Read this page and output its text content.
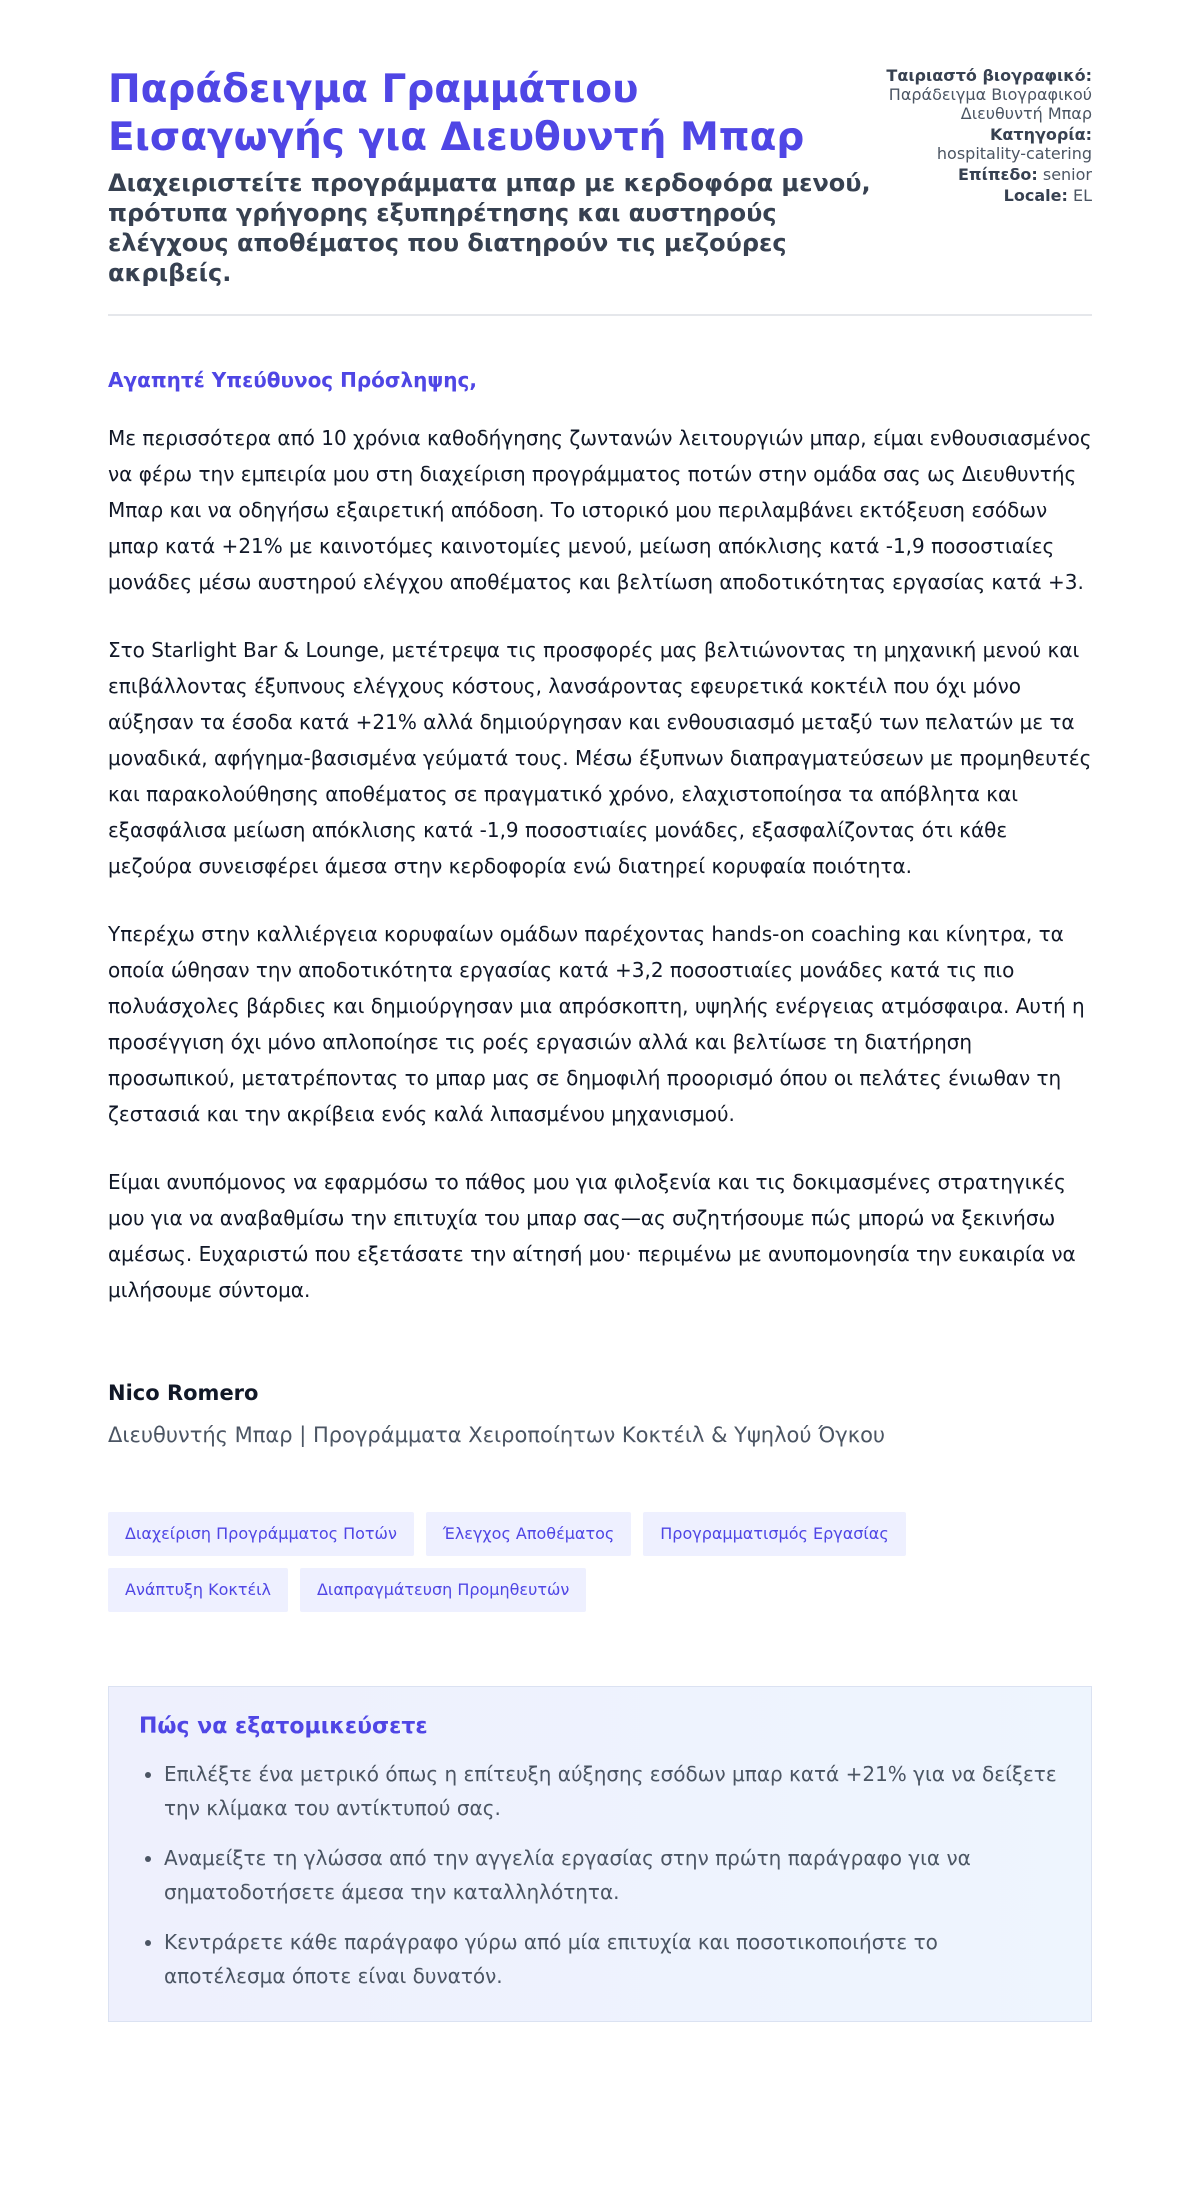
Παράδειγμα Γραμμάτιου Εισαγωγής για Διευθυντή Μπαρ
Διαχειριστείτε προγράμματα μπαρ με κερδοφόρα μενού, πρότυπα γρήγορης εξυπηρέτησης και αυστηρούς ελέγχους αποθέματος που διατηρούν τις μεζούρες ακριβείς.
Ταιριαστό βιογραφικό: Παράδειγμα Βιογραφικού Διευθυντή Μπαρ
Κατηγορία:
hospitality-catering
Επίπεδο: senior
Locale: EL
Αγαπητέ Υπεύθυνος Πρόσληψης,

Με περισσότερα από 10 χρόνια καθοδήγησης ζωντανών λειτουργιών μπαρ, είμαι ενθουσιασμένος να φέρω την εμπειρία μου στη διαχείριση προγράμματος ποτών στην ομάδα σας ως Διευθυντής Μπαρ και να οδηγήσω εξαιρετική απόδοση. Το ιστορικό μου περιλαμβάνει εκτόξευση εσόδων μπαρ κατά +21% με καινοτόμες καινοτομίες μενού, μείωση απόκλισης κατά -1,9 ποσοστιαίες μονάδες μέσω αυστηρού ελέγχου αποθέματος και βελτίωση αποδοτικότητας εργασίας κατά +3.

Στο Starlight Bar & Lounge, μετέτρεψα τις προσφορές μας βελτιώνοντας τη μηχανική μενού και επιβάλλοντας έξυπνους ελέγχους κόστους, λανσάροντας εφευρετικά κοκτέιλ που όχι μόνο αύξησαν τα έσοδα κατά +21% αλλά δημιούργησαν και ενθουσιασμό μεταξύ των πελατών με τα μοναδικά, αφήγημα-βασισμένα γεύματά τους. Μέσω έξυπνων διαπραγματεύσεων με προμηθευτές και παρακολούθησης αποθέματος σε πραγματικό χρόνο, ελαχιστοποίησα τα απόβλητα και εξασφάλισα μείωση απόκλισης κατά -1,9 ποσοστιαίες μονάδες, εξασφαλίζοντας ότι κάθε μεζούρα συνεισφέρει άμεσα στην κερδοφορία ενώ διατηρεί κορυφαία ποιότητα.

Υπερέχω στην καλλιέργεια κορυφαίων ομάδων παρέχοντας hands-on coaching και κίνητρα, τα οποία ώθησαν την αποδοτικότητα εργασίας κατά +3,2 ποσοστιαίες μονάδες κατά τις πιο πολυάσχολες βάρδιες και δημιούργησαν μια απρόσκοπτη, υψηλής ενέργειας ατμόσφαιρα. Αυτή η προσέγγιση όχι μόνο απλοποίησε τις ροές εργασιών αλλά και βελτίωσε τη διατήρηση προσωπικού, μετατρέποντας το μπαρ μας σε δημοφιλή προορισμό όπου οι πελάτες ένιωθαν τη ζεστασιά και την ακρίβεια ενός καλά λιπασμένου μηχανισμού.

Είμαι ανυπόμονος να εφαρμόσω το πάθος μου για φιλοξενία και τις δοκιμασμένες στρατηγικές μου για να αναβαθμίσω την επιτυχία του μπαρ σας—ας συζητήσουμε πώς μπορώ να ξεκινήσω αμέσως. Ευχαριστώ που εξετάσατε την αίτησή μου· περιμένω με ανυπομονησία την ευκαιρία να μιλήσουμε σύντομα.

Nico Romero
Διευθυντής Μπαρ | Προγράμματα Χειροποίητων Κοκτέιλ & Υψηλού Όγκου
Διαχείριση Προγράμματος Ποτών	Έλεγχος Αποθέματος	Προγραμματισμός Εργασίας
Ανάπτυξη Κοκτέιλ	Διαπραγμάτευση Προμηθευτών
Πώς να εξατομικεύσετε
• Επιλέξτε ένα μετρικό όπως η επίτευξη αύξησης εσόδων μπαρ κατά +21% για να δείξετε την κλίμακα του αντίκτυπού σας.
• Αναμείξτε τη γλώσσα από την αγγελία εργασίας στην πρώτη παράγραφο για να σηματοδοτήσετε άμεσα την καταλληλότητα.
• Κεντράρετε κάθε παράγραφο γύρω από μία επιτυχία και ποσοτικοποιήστε το αποτέλεσμα όποτε είναι δυνατόν.
